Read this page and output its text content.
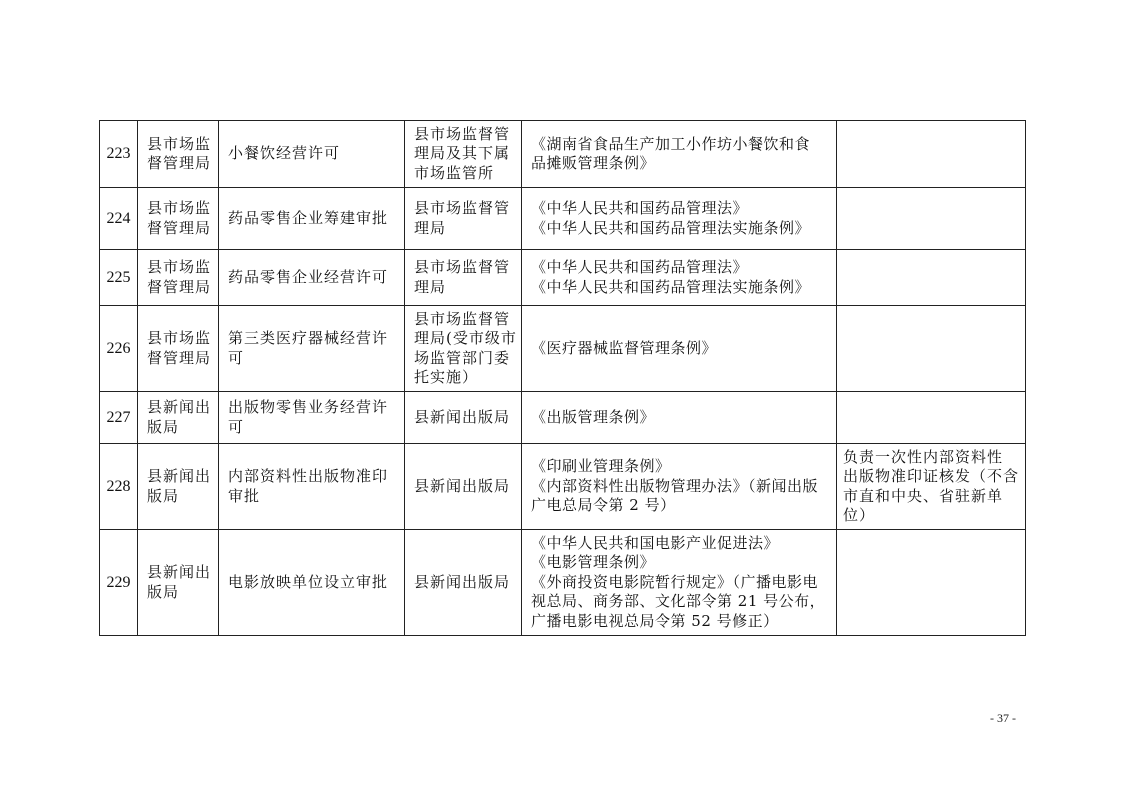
223	县市场监
督管理局	小餐饮经营许可	县市场监督管
理局及其下属
市场监管所	《湖南省食品生产加工小作坊小餐饮和食
品摊贩管理条例》	

224	县市场监
督管理局	药品零售企业筹建审批	县市场监督管
理局	《中华人民共和国药品管理法》
《中华人民共和国药品管理法实施条例》	

225	县市场监
督管理局	药品零售企业经营许可	县市场监督管
理局	《中华人民共和国药品管理法》
《中华人民共和国药品管理法实施条例》	

226	县市场监
督管理局	第三类医疗器械经营许
可	县市场监督管
理局(受市级市
场监管部门委
托实施）	《医疗器械监督管理条例》	

227	县新闻出
版局	出版物零售业务经营许
可	县新闻出版局	《出版管理条例》	

228	县新闻出
版局	内部资料性出版物准印
审批	县新闻出版局	《印刷业管理条例》
《内部资料性出版物管理办法》（新闻出版
广电总局令第 2 号）	负责一次性内部资料性
出版物准印证核发（不含
市直和中央、省驻新单
位）

229	县新闻出
版局	电影放映单位设立审批	县新闻出版局	《中华人民共和国电影产业促进法》
《电影管理条例》
《外商投资电影院暂行规定》（广播电影电
视总局、商务部、文化部令第 21 号公布，
广播电影电视总局令第 52 号修正）	

- 37 -
